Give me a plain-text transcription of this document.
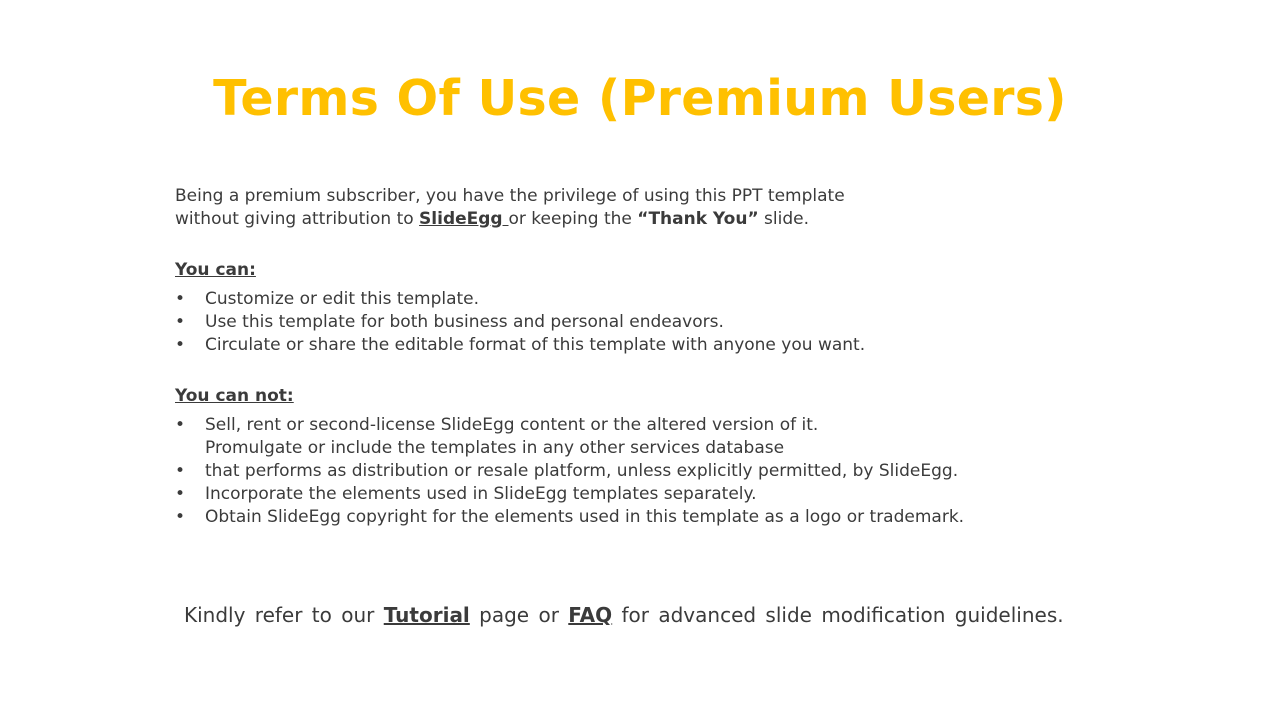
Terms Of Use (Premium Users)

Being a premium subscriber, you have the privilege of using this PPT template
without giving attribution to SlideEgg or keeping the “Thank You” slide.

You can:
•	Customize or edit this template.
•	Use this template for both business and personal endeavors.
•	Circulate or share the editable format of this template with anyone you want.
You can not:
•	Sell, rent or second-license SlideEgg content or the altered version of it.
Promulgate or include the templates in any other services database
•	that performs as distribution or resale platform, unless explicitly permitted, by SlideEgg.
•	Incorporate the elements used in SlideEgg templates separately.
•	Obtain SlideEgg copyright for the elements used in this template as a logo or trademark.
Kindly refer to our Tutorial page or FAQ for advanced slide modification guidelines.
